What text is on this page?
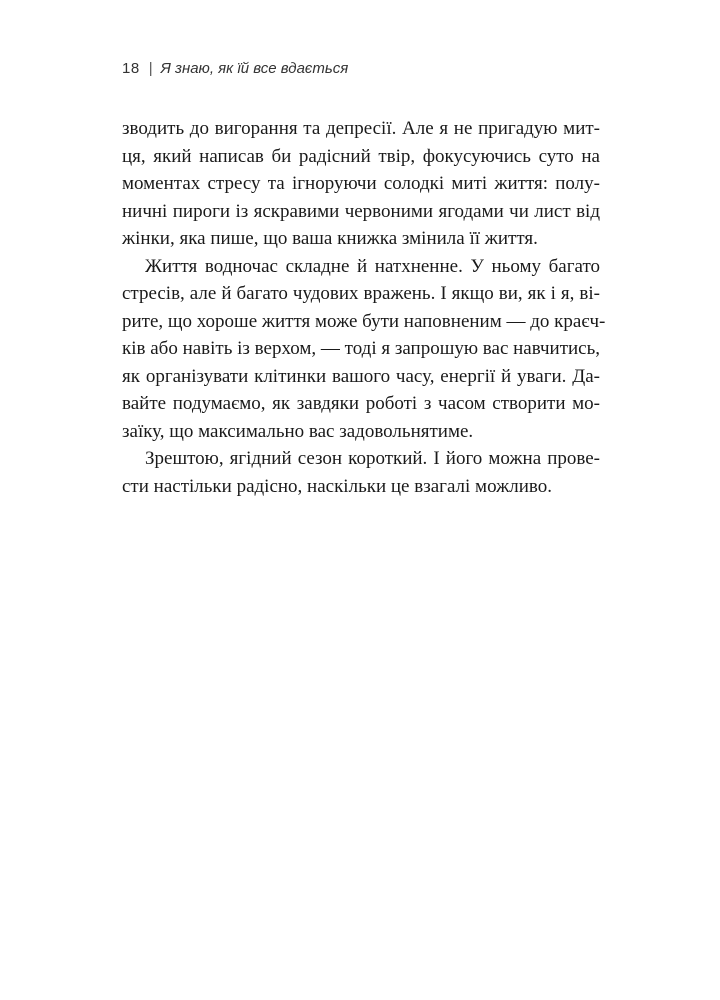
18 | Я знаю, як їй все вдається
зводить до вигорання та депресії. Але я не пригадую мит-
ця, який написав би радісний твір, фокусуючись суто на
моментах стресу та ігноруючи солодкі миті життя: полу-
ничні пироги із яскравими червоними ягодами чи лист від
жінки, яка пише, що ваша книжка змінила її життя.
Життя водночас складне й натхненне. У ньому багато
стресів, але й багато чудових вражень. І якщо ви, як і я, ві-
рите, що хороше життя може бути наповненим — до краєч-
ків або навіть із верхом, — тоді я запрошую вас навчитись,
як організувати клітинки вашого часу, енергії й уваги. Да-
вайте подумаємо, як завдяки роботі з часом створити мо-
заїку, що максимально вас задовольнятиме.
Зрештою, ягідний сезон короткий. І його можна прове-
сти настільки радісно, наскільки це взагалі можливо.
